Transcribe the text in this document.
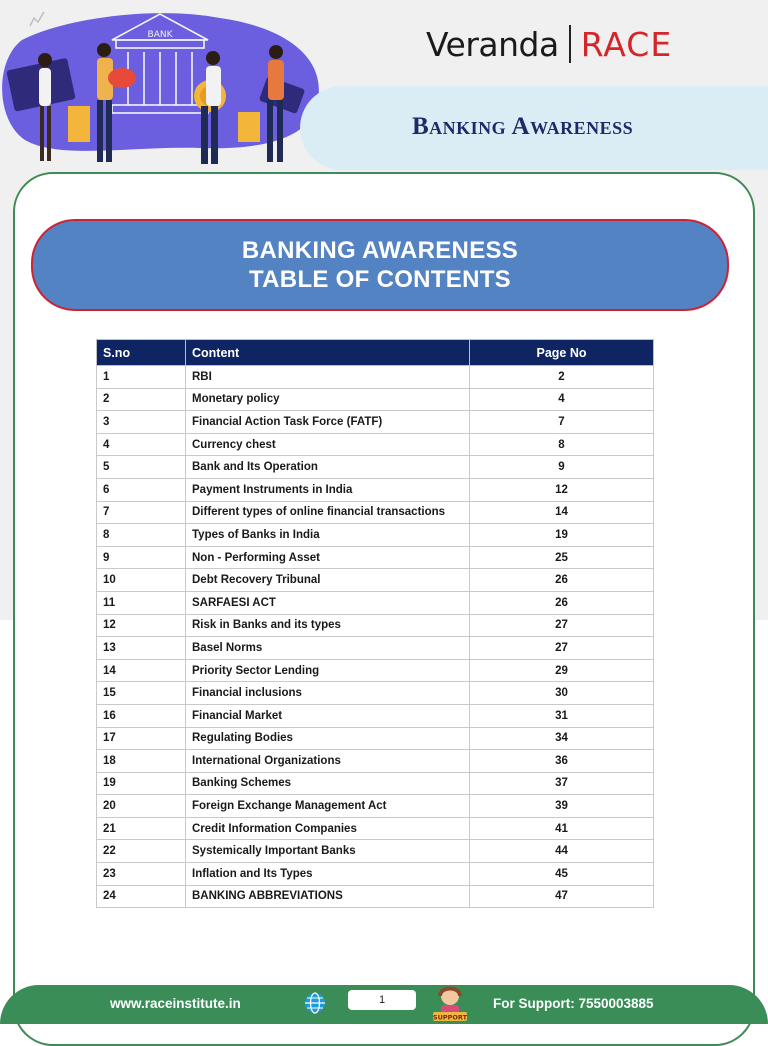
BANK	Veranda RACE
Banking Awareness
BANKING AWARENESS
TABLE OF CONTENTS
S.no	Content	Page No
1	RBI	2
2	Monetary policy	4
3	Financial Action Task Force (FATF)	7
4	Currency chest	8
5	Bank and Its Operation	9
6	Payment Instruments in India	12
7	Different types of online financial transactions	14
8	Types of Banks in India	19
9	Non - Performing Asset	25
10	Debt Recovery Tribunal	26
11	SARFAESI ACT	26
12	Risk in Banks and its types	27
13	Basel Norms	27
14	Priority Sector Lending	29
15	Financial inclusions	30
16	Financial Market	31
17	Regulating Bodies	34
18	International Organizations	36
19	Banking Schemes	37
20	Foreign Exchange Management Act	39
21	Credit Information Companies	41
22	Systemically Important Banks	44
23	Inflation and Its Types	45
24	BANKING ABBREVIATIONS	47
www.raceinstitute.in	1
SUPPORT
For Support: 7550003885
